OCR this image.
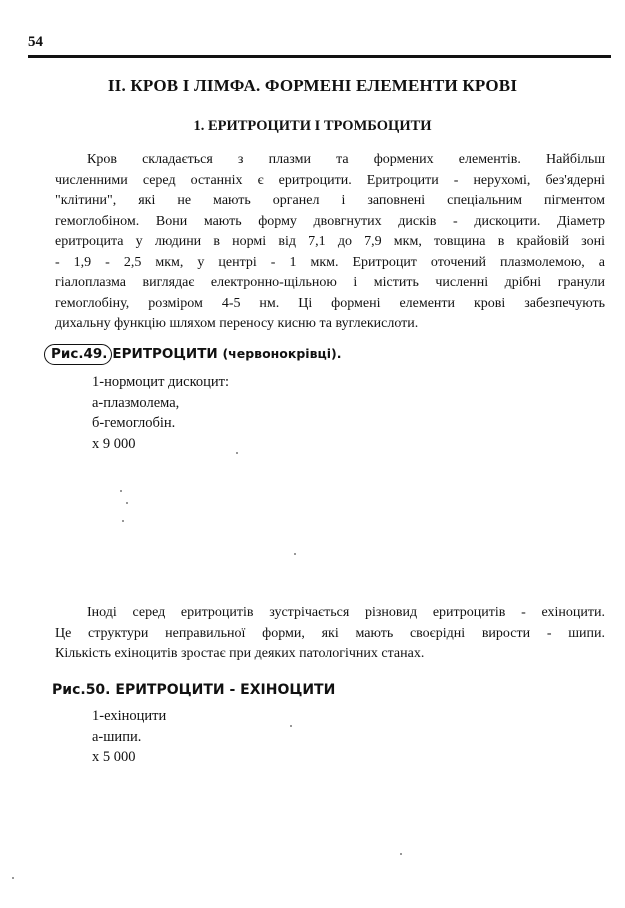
54
II. КРОВ І ЛІМФА. ФОРМЕНІ ЕЛЕМЕНТИ КРОВІ
1. ЕРИТРОЦИТИ І ТРОМБОЦИТИ
Кров складається з плазми та формених елементів. Найбільш
численними серед останніх є еритроцити. Еритроцити - нерухомі, без'ядерні
"клітини", які не мають органел і заповнені спеціальним пігментом
гемоглобіном. Вони мають форму двовгнутих дисків - дискоцити. Діаметр
еритроцита у людини в нормі від 7,1 до 7,9 мкм, товщина в крайовій зоні
- 1,9 - 2,5 мкм, у центрі - 1 мкм. Еритроцит оточений плазмолемою, а
гіалоплазма виглядає електронно-щільною і містить численні дрібні гранули
гемоглобіну, розміром 4-5 нм. Ці формені елементи крові забезпечують
дихальну функцію шляхом переносу кисню та вуглекислоти.
Рис.49. ЕРИТРОЦИТИ (червонокрівці).
1-нормоцит дискоцит:
а-плазмолема,
б-гемоглобін.
х 9 000
Іноді серед еритроцитів зустрічається різновид еритроцитів - ехіноцити.
Це структури неправильної форми, які мають своєрідні вирости - шипи.
Кількість ехіноцитів зростає при деяких патологічних станах.
Рис.50. ЕРИТРОЦИТИ - ЕХІНОЦИТИ
1-ехіноцити
а-шипи.
х 5 000
